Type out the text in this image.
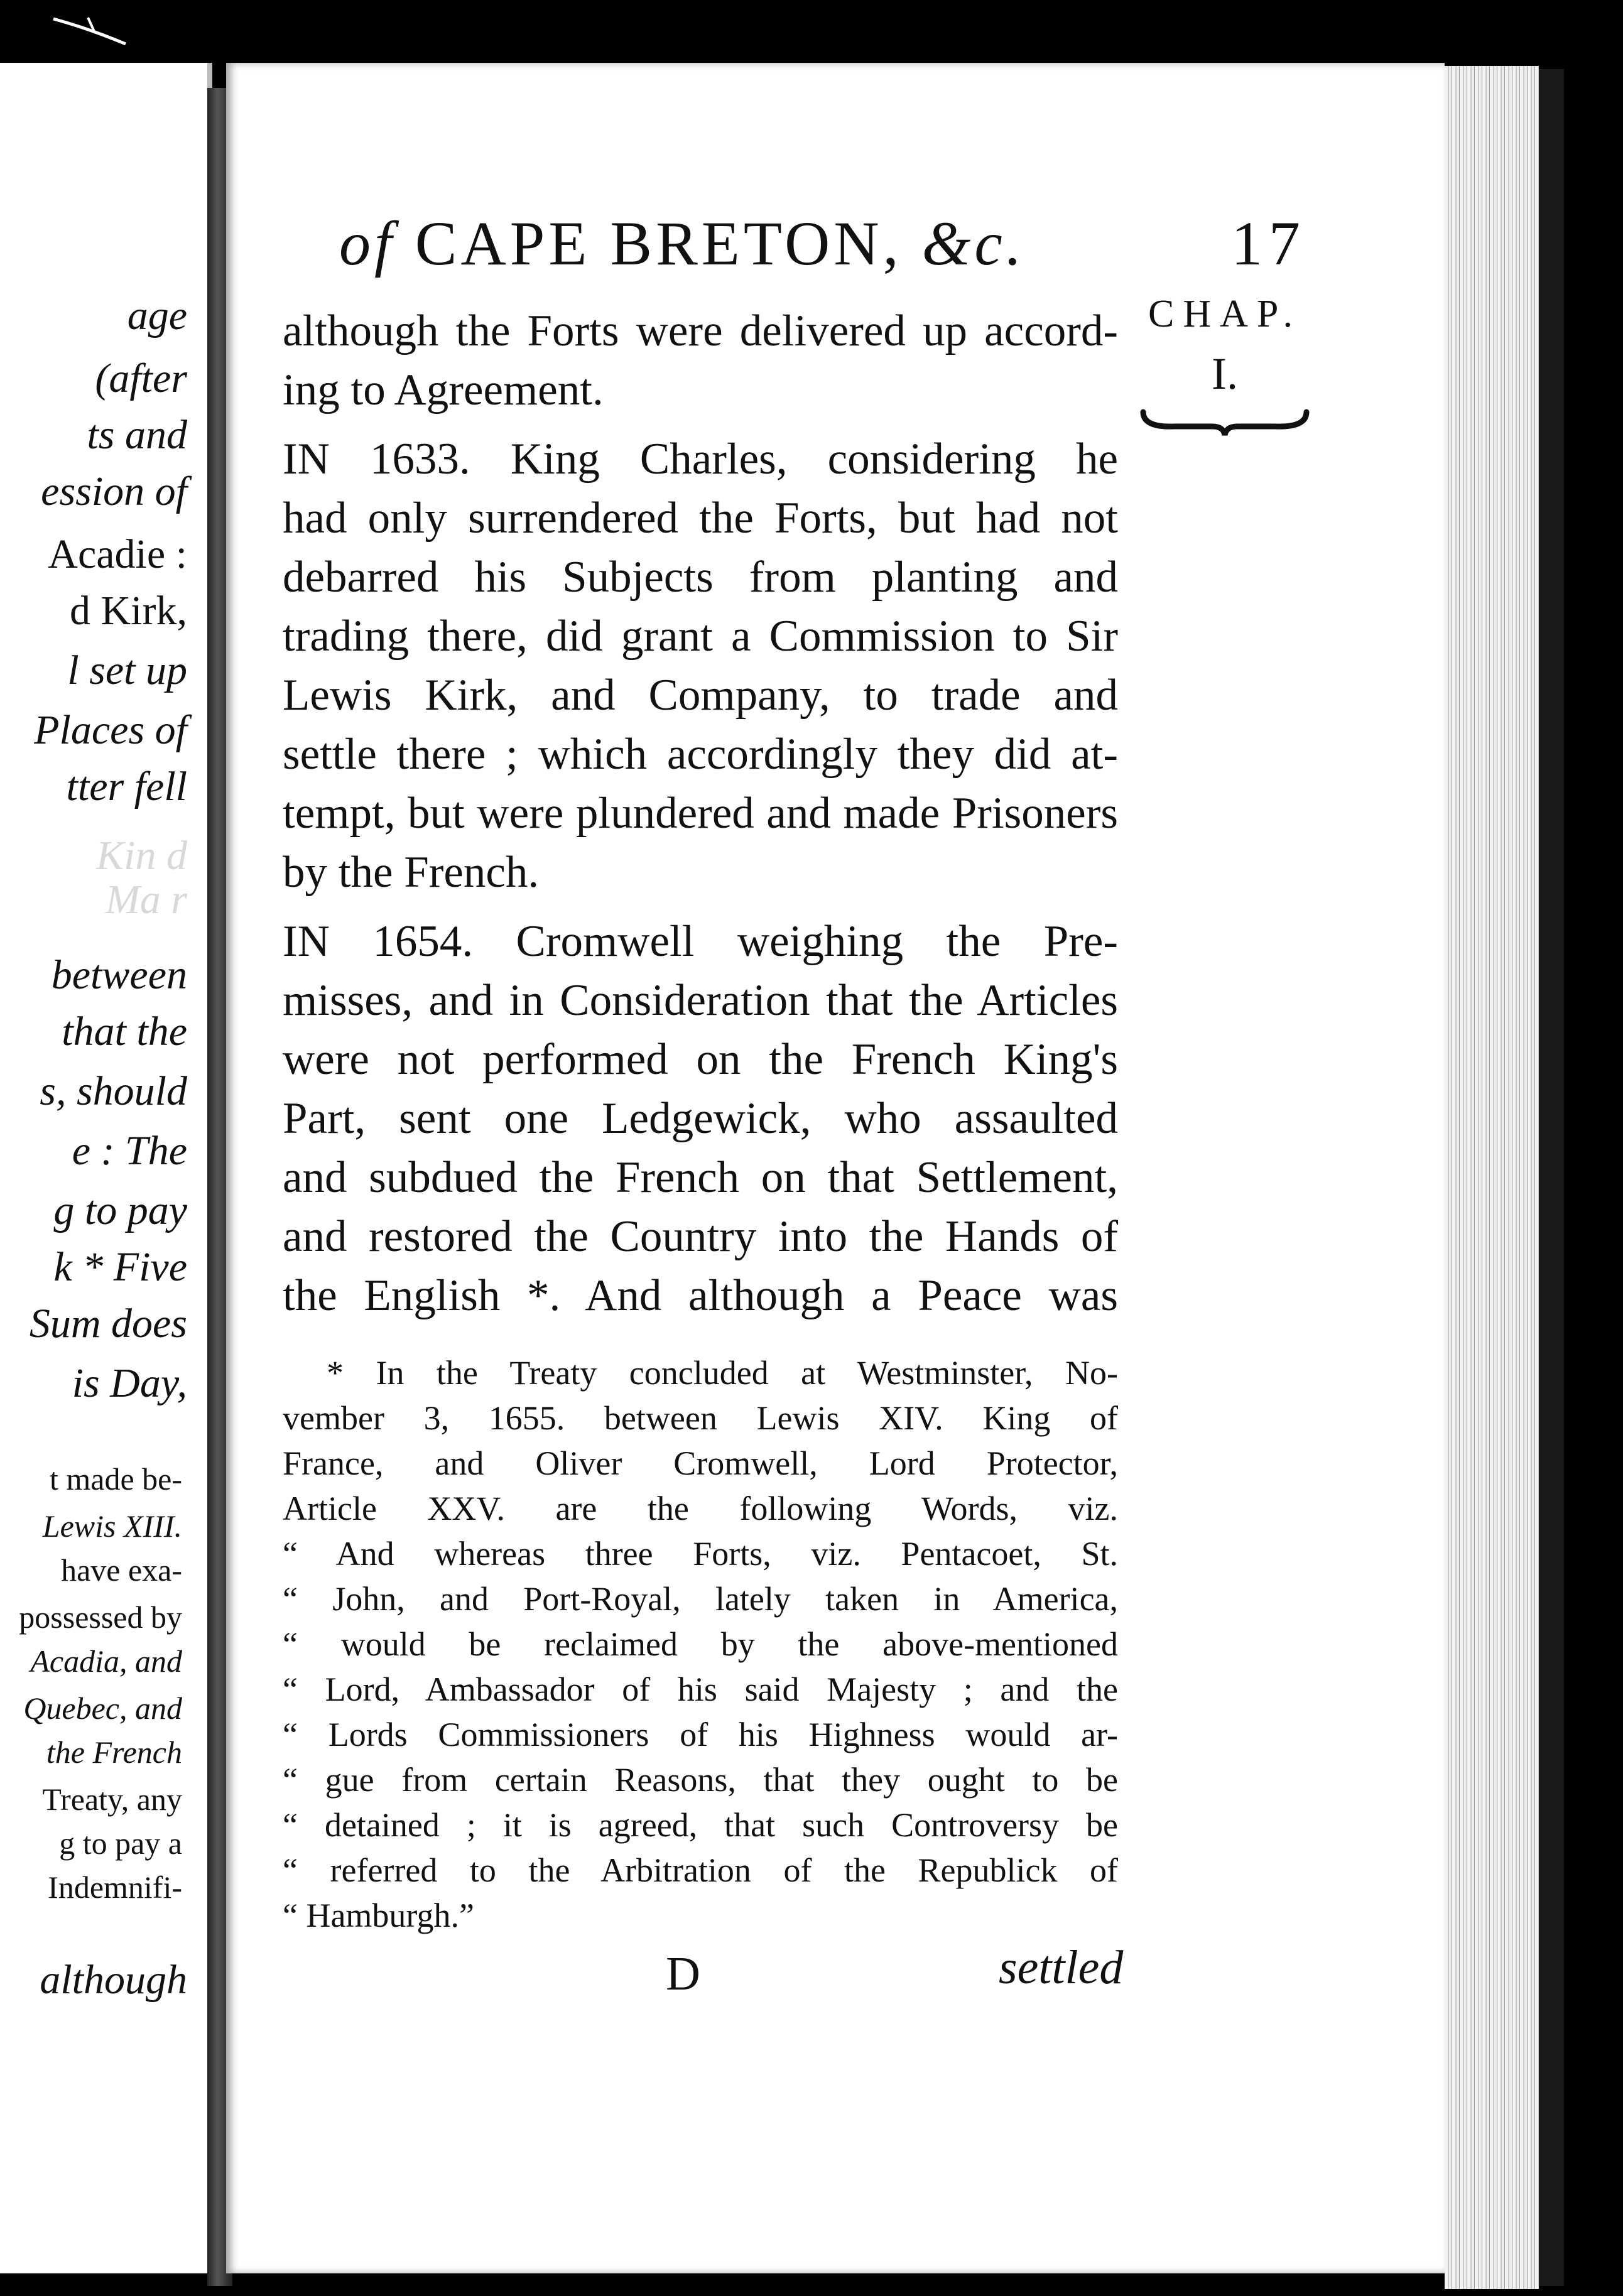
age
(after
ts and
ession of
Acadie :
d Kirk,
l set up
Places of
tter fell
between
that the
s, should
e : The
g to pay
k * Five
Sum does
is Day,
Kin d
Ma r
t made be-
Lewis XIII.
have exa-
possessed by
Acadia, and
Quebec, and
the French
Treaty, any
g to pay a
Indemnifi-
although
of CAPE BRETON, &c.	17
CHAP.
I.
although the Forts were delivered up accord-
ing to Agreement.
IN 1633. King Charles, considering he
had only surrendered the Forts, but had not
debarred his Subjects from planting and
trading there, did grant a Commission to Sir
Lewis Kirk, and Company, to trade and
settle there ; which accordingly they did at-
tempt, but were plundered and made Prisoners
by the French.
IN 1654. Cromwell weighing the Pre-
misses, and in Consideration that the Articles
were not performed on the French King's
Part, sent one Ledgewick, who assaulted
and subdued the French on that Settlement,
and restored the Country into the Hands of
the English *. And although a Peace was
* In the Treaty concluded at Westminster, No-
vember 3, 1655. between Lewis XIV. King of
France, and Oliver Cromwell, Lord Protector,
Article XXV. are the following Words, viz.
“ And whereas three Forts, viz. Pentacoet, St.
“ John, and Port-Royal, lately taken in America,
“ would be reclaimed by the above-mentioned
“ Lord, Ambassador of his said Majesty ; and the
“ Lords Commissioners of his Highness would ar-
“ gue from certain Reasons, that they ought to be
“ detained ; it is agreed, that such Controversy be
“ referred to the Arbitration of the Republick of
“ Hamburgh.”
D	settled
